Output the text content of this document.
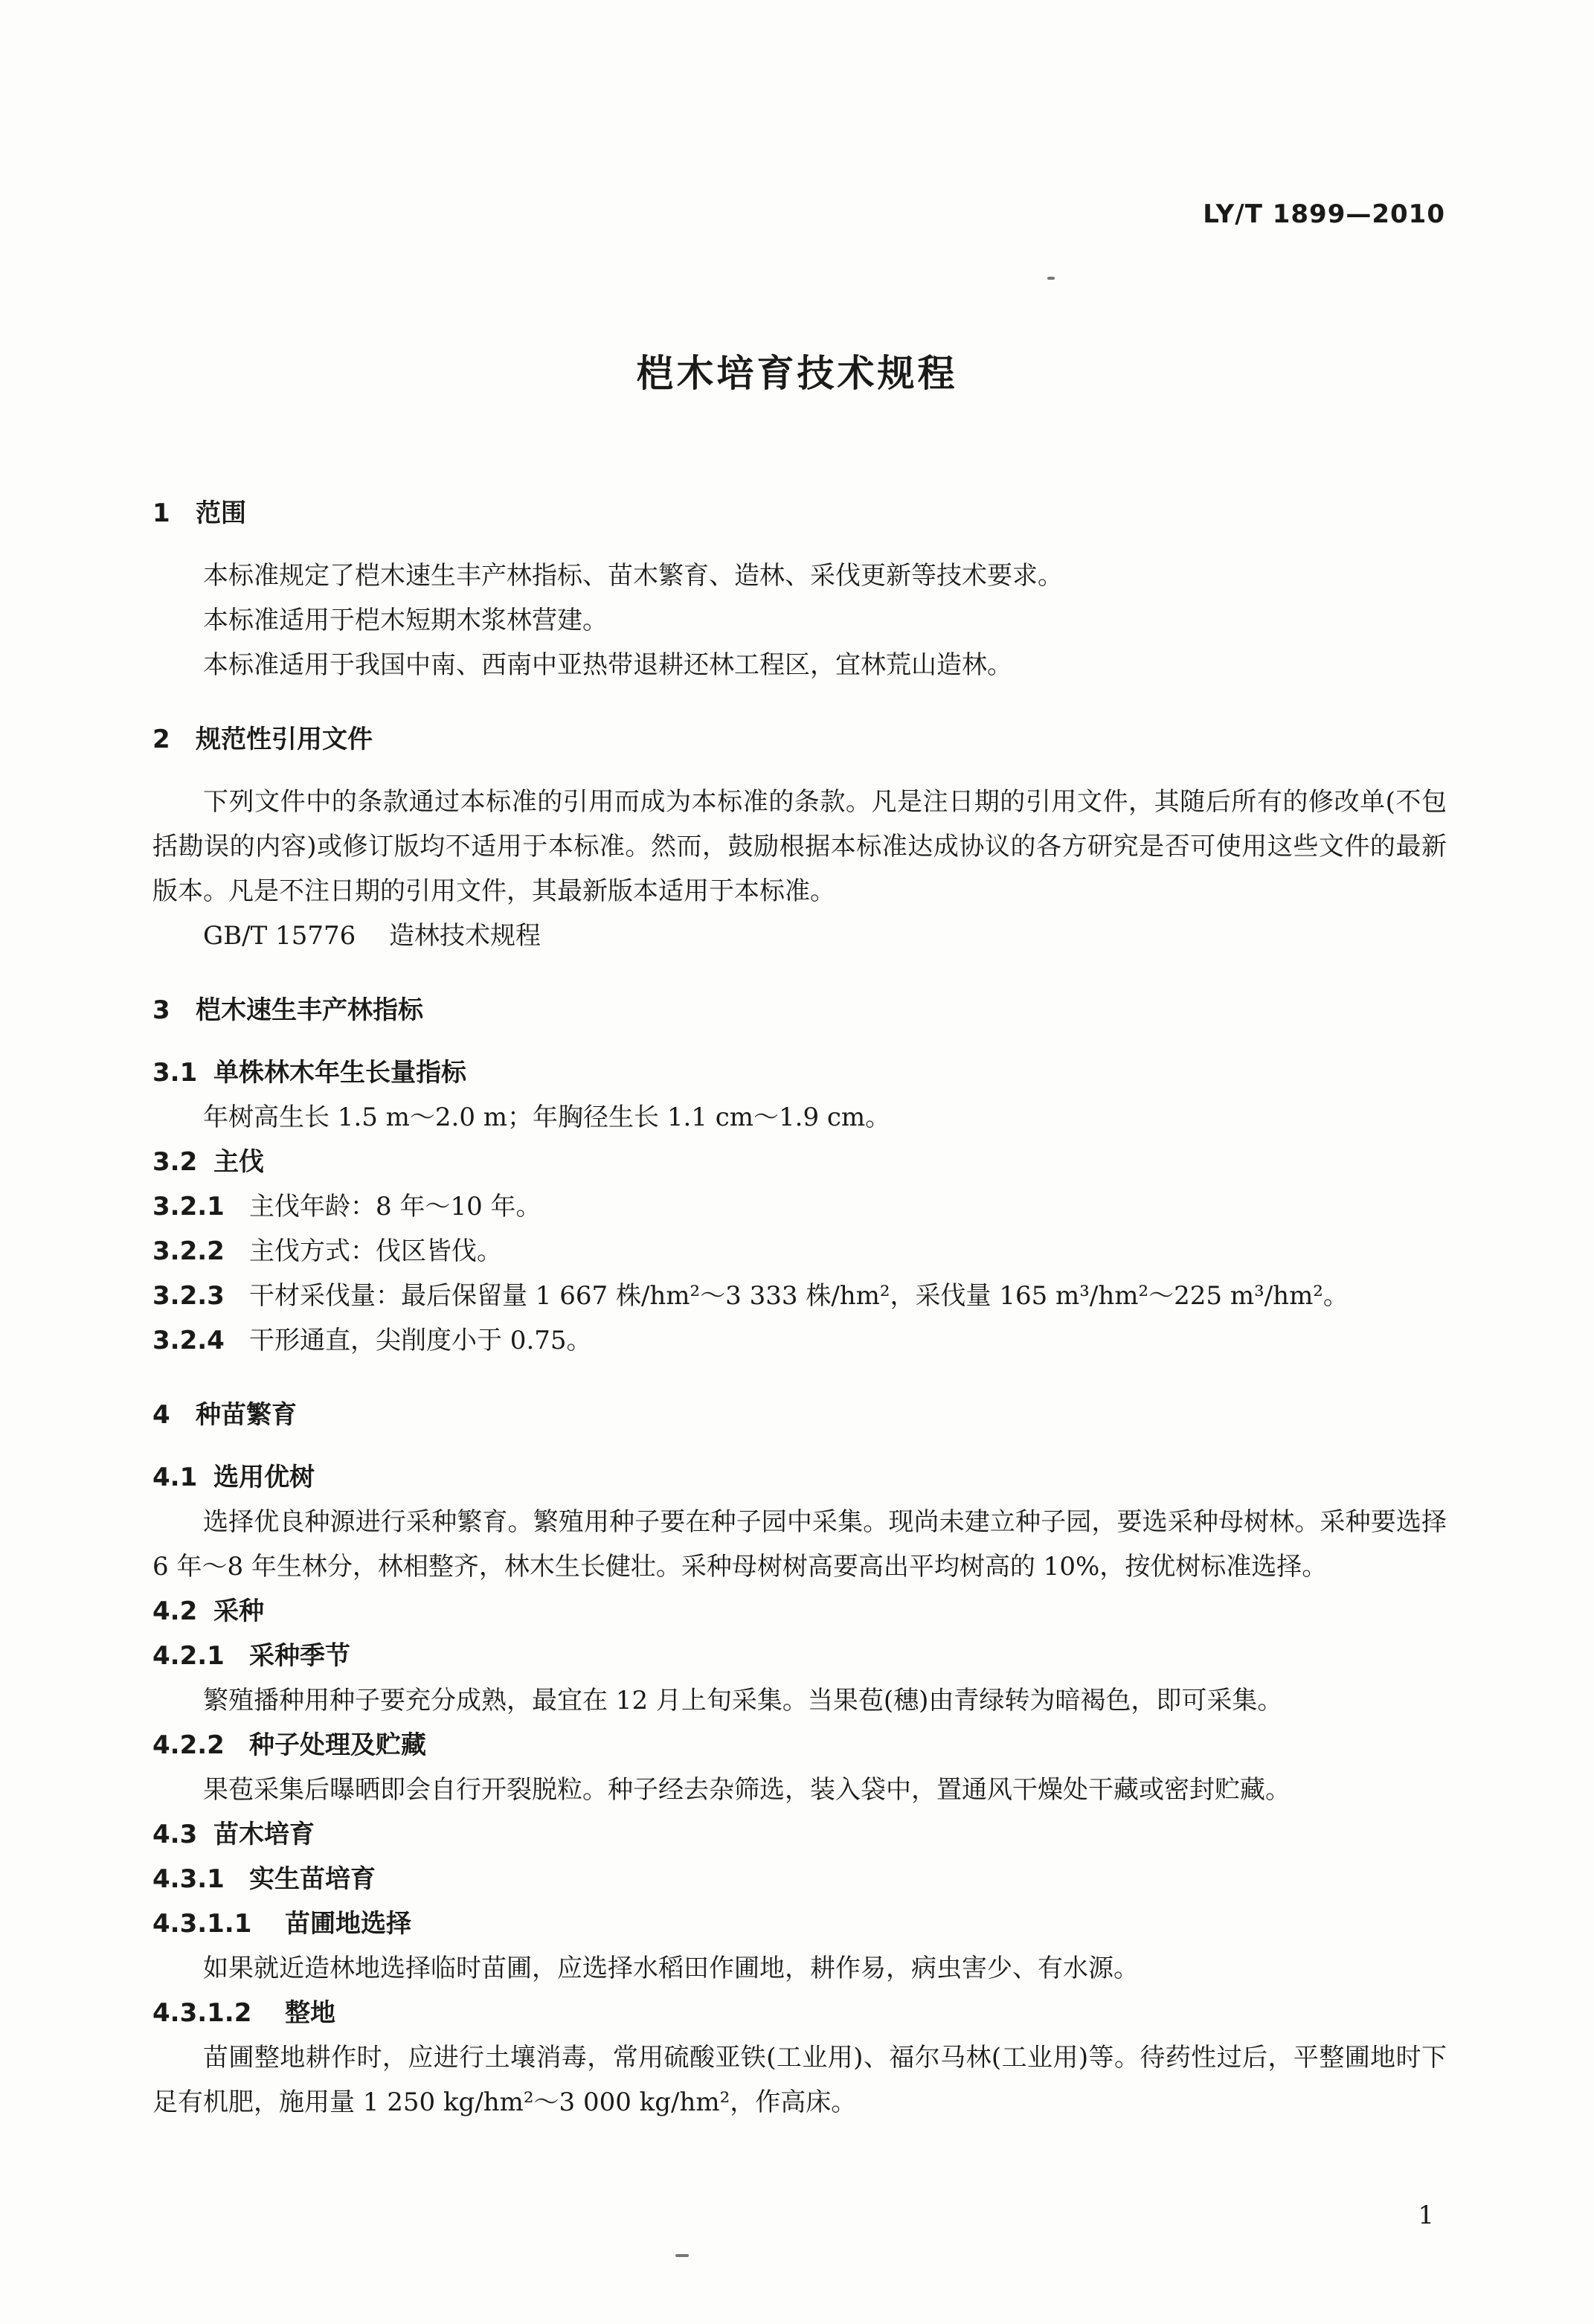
LY/T 1899—2010
桤木培育技术规程
1 范围
本标准规定了桤木速生丰产林指标、苗木繁育、造林、采伐更新等技术要求。
本标准适用于桤木短期木浆林营建。
本标准适用于我国中南、西南中亚热带退耕还林工程区，宜林荒山造林。
2 规范性引用文件
下列文件中的条款通过本标准的引用而成为本标准的条款。凡是注日期的引用文件，其随后所有的修改单(不包括勘误的内容)或修订版均不适用于本标准。然而，鼓励根据本标准达成协议的各方研究是否可使用这些文件的最新版本。凡是不注日期的引用文件，其最新版本适用于本标准。
GB/T 15776 造林技术规程
3 桤木速生丰产林指标
3.1 单株林木年生长量指标
年树高生长 1.5 m～2.0 m；年胸径生长 1.1 cm～1.9 cm。
3.2 主伐
3.2.1 主伐年龄：8 年～10 年。
3.2.2 主伐方式：伐区皆伐。
3.2.3 干材采伐量：最后保留量 1 667 株/hm²～3 333 株/hm²，采伐量 165 m³/hm²～225 m³/hm²。
3.2.4 干形通直，尖削度小于 0.75。
4 种苗繁育
4.1 选用优树
选择优良种源进行采种繁育。繁殖用种子要在种子园中采集。现尚未建立种子园，要选采种母树林。采种要选择 6 年～8 年生林分，林相整齐，林木生长健壮。采种母树树高要高出平均树高的 10%，按优树标准选择。
4.2 采种
4.2.1 采种季节
繁殖播种用种子要充分成熟，最宜在 12 月上旬采集。当果苞(穗)由青绿转为暗褐色，即可采集。
4.2.2 种子处理及贮藏
果苞采集后曝晒即会自行开裂脱粒。种子经去杂筛选，装入袋中，置通风干燥处干藏或密封贮藏。
4.3 苗木培育
4.3.1 实生苗培育
4.3.1.1 苗圃地选择
如果就近造林地选择临时苗圃，应选择水稻田作圃地，耕作易，病虫害少、有水源。
4.3.1.2 整地
苗圃整地耕作时，应进行土壤消毒，常用硫酸亚铁(工业用)、福尔马林(工业用)等。待药性过后，平整圃地时下足有机肥，施用量 1 250 kg/hm²～3 000 kg/hm²，作高床。
1
